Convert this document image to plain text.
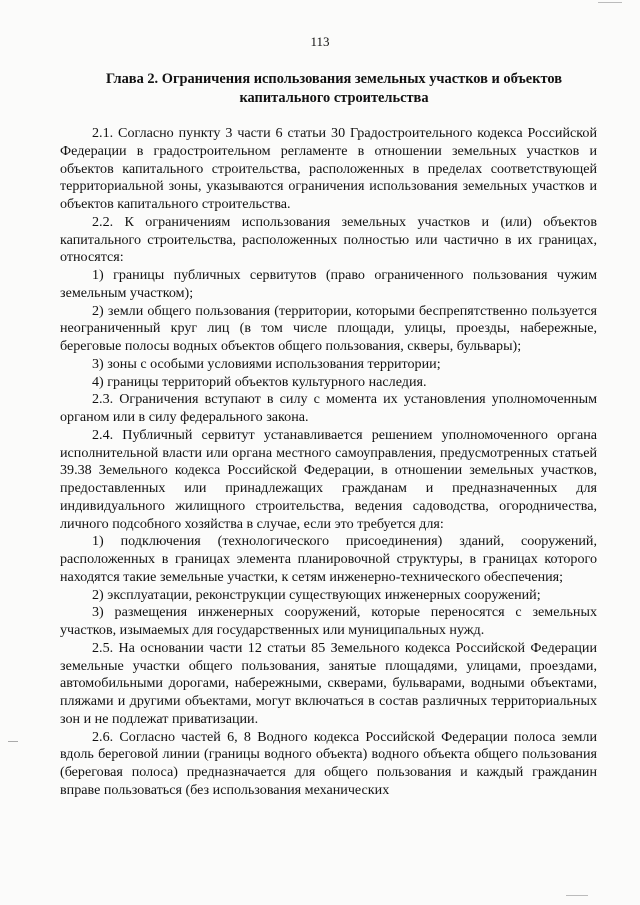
113
Глава 2. Ограничения использования земельных участков и объектов капитального строительства

2.1. Согласно пункту 3 части 6 статьи 30 Градостроительного кодекса Российской Федерации в градостроительном регламенте в отношении земельных участков и объектов капитального строительства, расположенных в пределах соответствующей территориальной зоны, указываются ограничения использования земельных участков и объектов капитального строительства.

2.2. К ограничениям использования земельных участков и (или) объектов капитального строительства, расположенных полностью или частично в их границах, относятся:

1) границы публичных сервитутов (право ограниченного пользования чужим земельным участком);

2) земли общего пользования (территории, которыми беспрепятственно пользуется неограниченный круг лиц (в том числе площади, улицы, проезды, набережные, береговые полосы водных объектов общего пользования, скверы, бульвары);

3) зоны с особыми условиями использования территории;

4) границы территорий объектов культурного наследия.

2.3. Ограничения вступают в силу с момента их установления уполномоченным органом или в силу федерального закона.

2.4. Публичный сервитут устанавливается решением уполномоченного органа исполнительной власти или органа местного самоуправления, предусмотренных статьей 39.38 Земельного кодекса Российской Федерации, в отношении земельных участков, предоставленных или принадлежащих гражданам и предназначенных для индивидуального жилищного строительства, ведения садоводства, огородничества, личного подсобного хозяйства в случае, если это требуется для:

1) подключения (технологического присоединения) зданий, сооружений, расположенных в границах элемента планировочной структуры, в границах которого находятся такие земельные участки, к сетям инженерно-технического обеспечения;

2) эксплуатации, реконструкции существующих инженерных сооружений;

3) размещения инженерных сооружений, которые переносятся с земельных участков, изымаемых для государственных или муниципальных нужд.

2.5. На основании части 12 статьи 85 Земельного кодекса Российской Федерации земельные участки общего пользования, занятые площадями, улицами, проездами, автомобильными дорогами, набережными, скверами, бульварами, водными объектами, пляжами и другими объектами, могут включаться в состав различных территориальных зон и не подлежат приватизации.

2.6. Согласно частей 6, 8 Водного кодекса Российской Федерации полоса земли вдоль береговой линии (границы водного объекта) водного объекта общего пользования (береговая полоса) предназначается для общего пользования и каждый гражданин вправе пользоваться (без использования механических
